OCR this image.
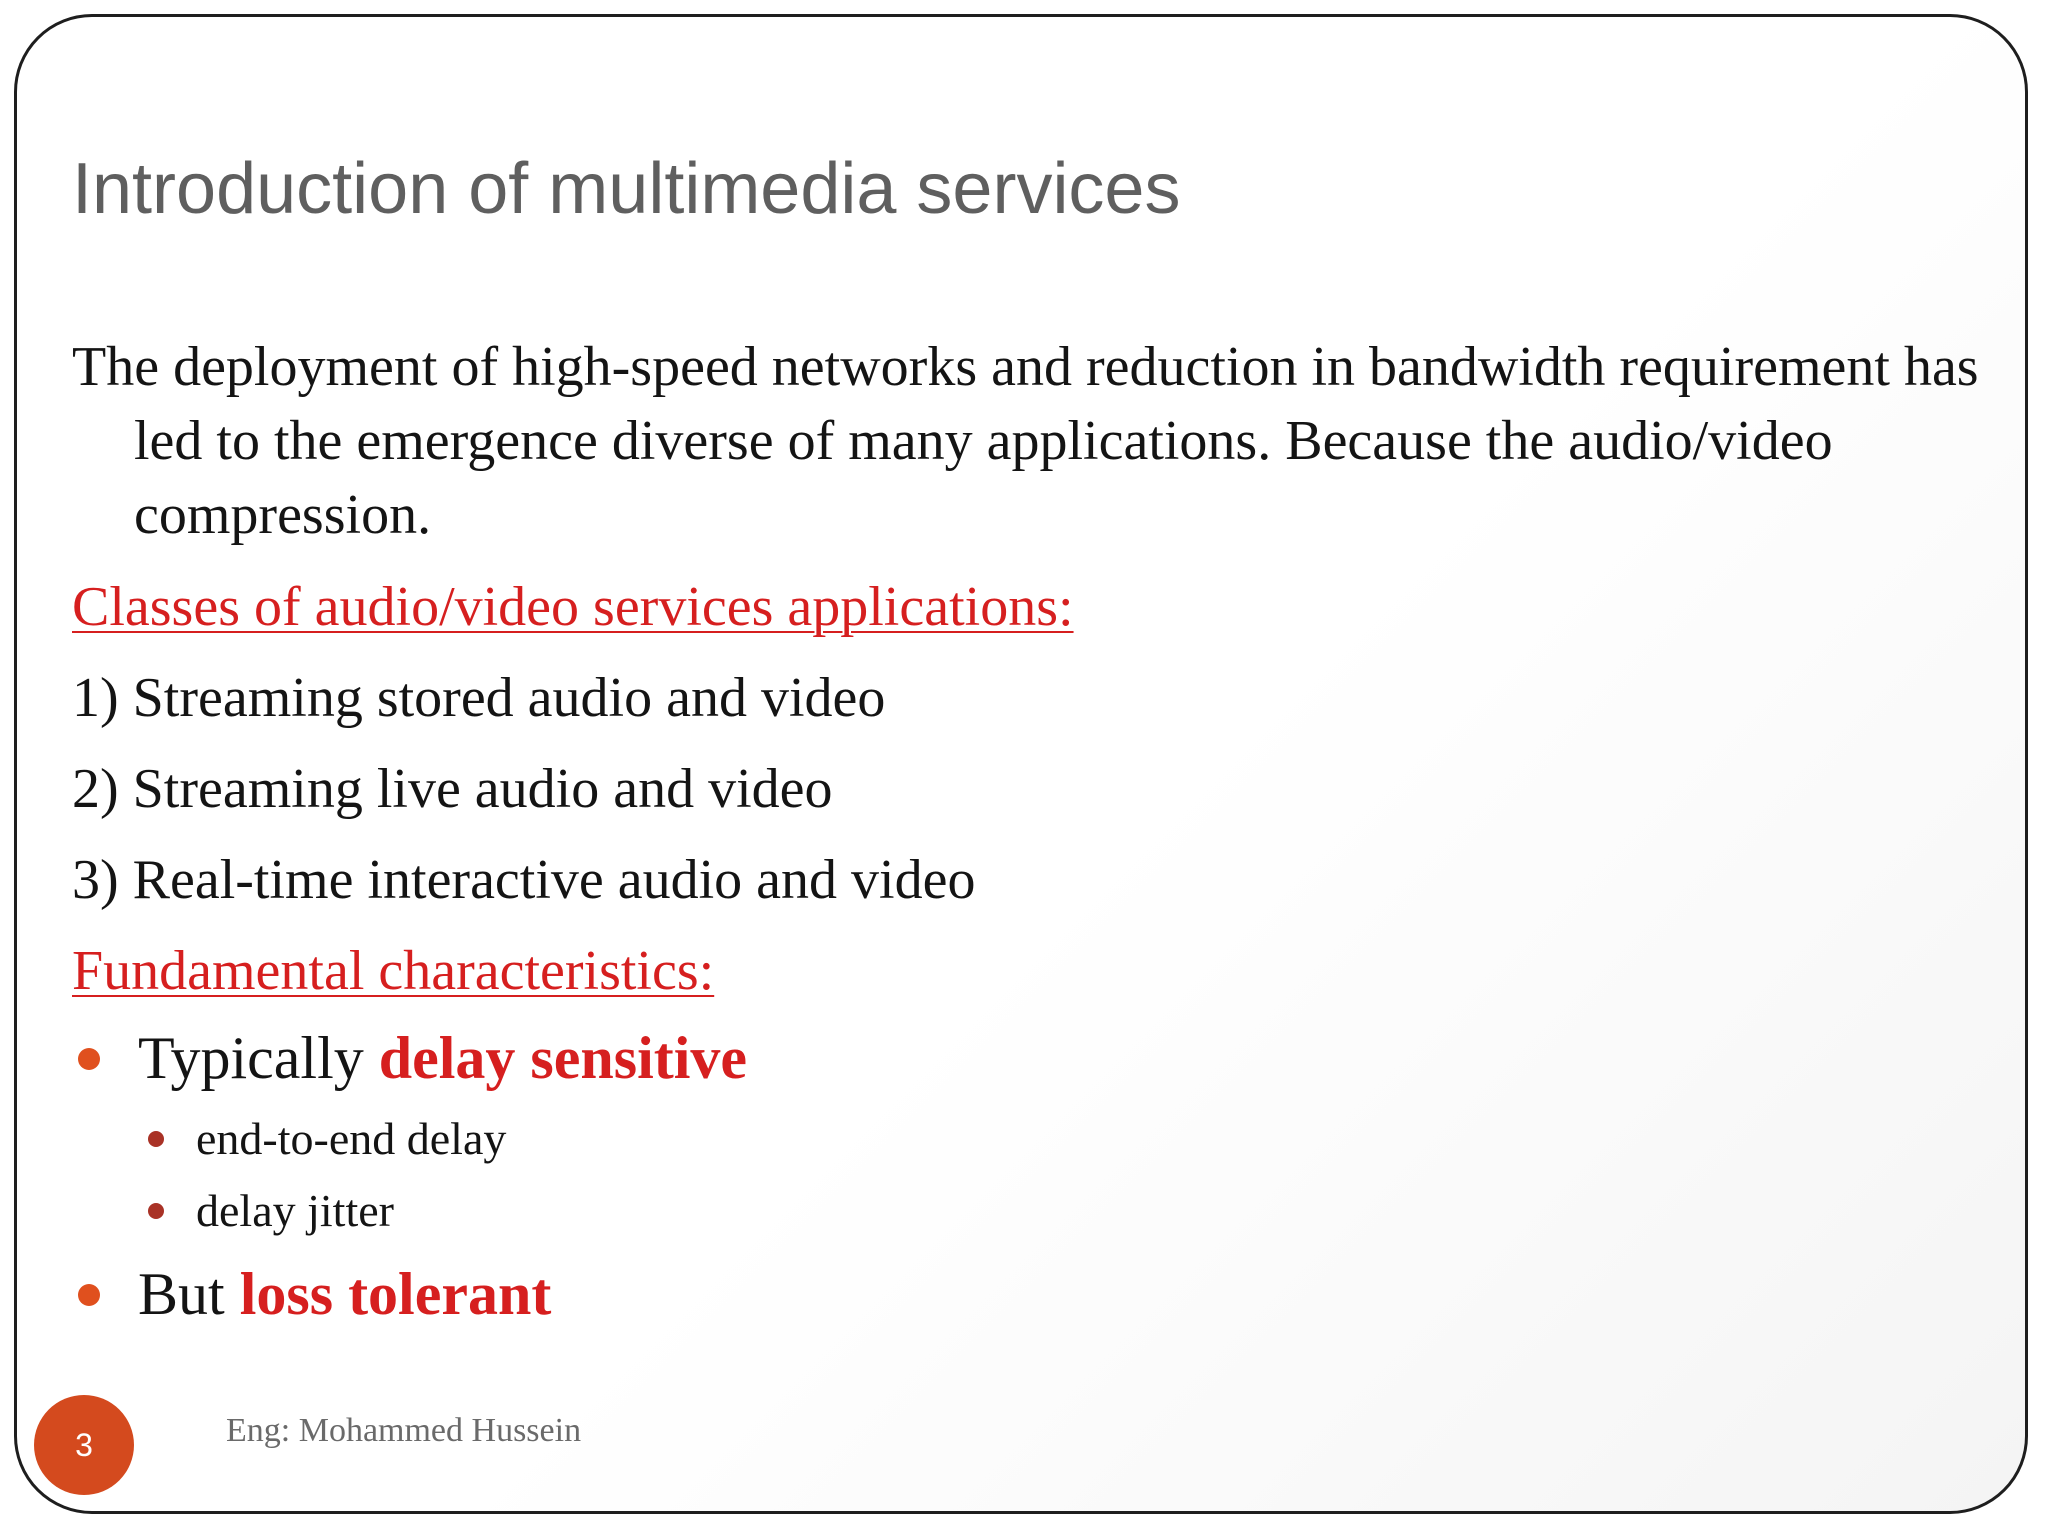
Introduction of multimedia services

The deployment of high-speed networks and reduction in bandwidth requirement has led to the emergence diverse of many applications. Because the audio/video compression.

Classes of audio/video services applications:

1) Streaming stored audio and video

2) Streaming live audio and video

3) Real-time interactive audio and video

Fundamental characteristics:

Typically delay sensitive
end-to-end delay
delay jitter
But loss tolerant
3	Eng: Mohammed Hussein
